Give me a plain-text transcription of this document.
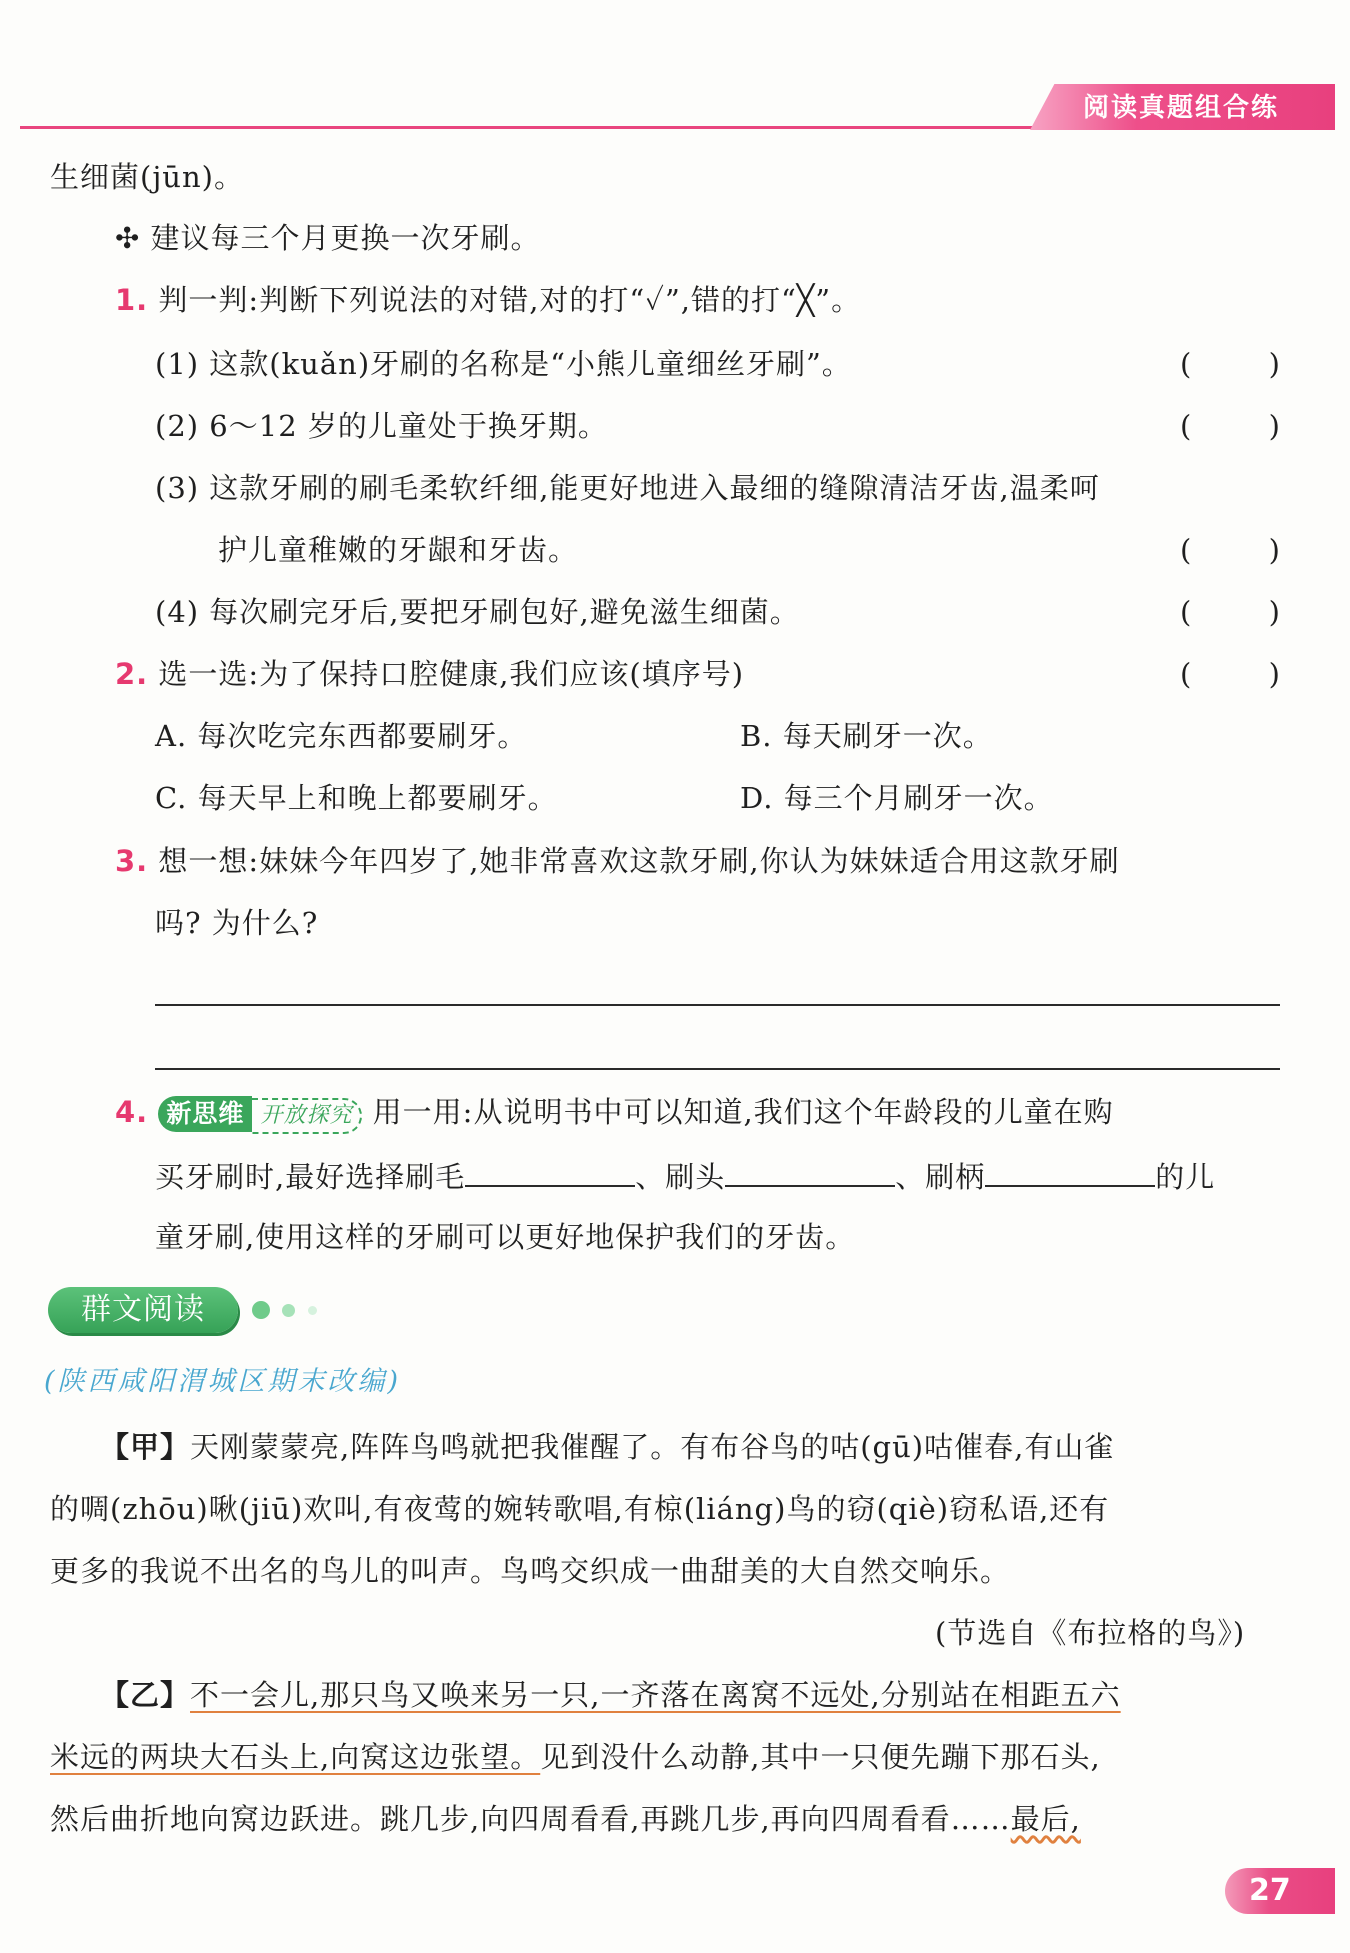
阅读真题组合练
生细菌(jūn)。
✣ 建议每三个月更换一次牙刷。
1. 判一判:判断下列说法的对错,对的打“✓”,错的打“╳”。
(1) 这款(kuǎn)牙刷的名称是“小熊儿童细丝牙刷”。	(	)
(2) 6～12 岁的儿童处于换牙期。	(	)
(3) 这款牙刷的刷毛柔软纤细,能更好地进入最细的缝隙清洁牙齿,温柔呵
护儿童稚嫩的牙龈和牙齿。	(	)
(4) 每次刷完牙后,要把牙刷包好,避免滋生细菌。	(	)
2. 选一选:为了保持口腔健康,我们应该(填序号)	(	)
A. 每次吃完东西都要刷牙。	B. 每天刷牙一次。
C. 每天早上和晚上都要刷牙。	D. 每三个月刷牙一次。
3. 想一想:妹妹今年四岁了,她非常喜欢这款牙刷,你认为妹妹适合用这款牙刷
吗? 为什么?
4. 新思维 开放探究 用一用:从说明书中可以知道,我们这个年龄段的儿童在购
买牙刷时,最好选择刷毛	、刷头	、刷柄	的儿
童牙刷,使用这样的牙刷可以更好地保护我们的牙齿。
群文阅读
(陕西咸阳渭城区期末改编)
【甲】天刚蒙蒙亮,阵阵鸟鸣就把我催醒了。有布谷鸟的咕(gū)咕催春,有山雀
的啁(zhōu)啾(jiū)欢叫,有夜莺的婉转歌唱,有椋(liáng)鸟的窃(qiè)窃私语,还有
更多的我说不出名的鸟儿的叫声。鸟鸣交织成一曲甜美的大自然交响乐。
(节选自《布拉格的鸟》)
【乙】不一会儿,那只鸟又唤来另一只,一齐落在离窝不远处,分别站在相距五六
米远的两块大石头上,向窝这边张望。见到没什么动静,其中一只便先蹦下那石头,
然后曲折地向窝边跃进。跳几步,向四周看看,再跳几步,再向四周看看……最后,
27
